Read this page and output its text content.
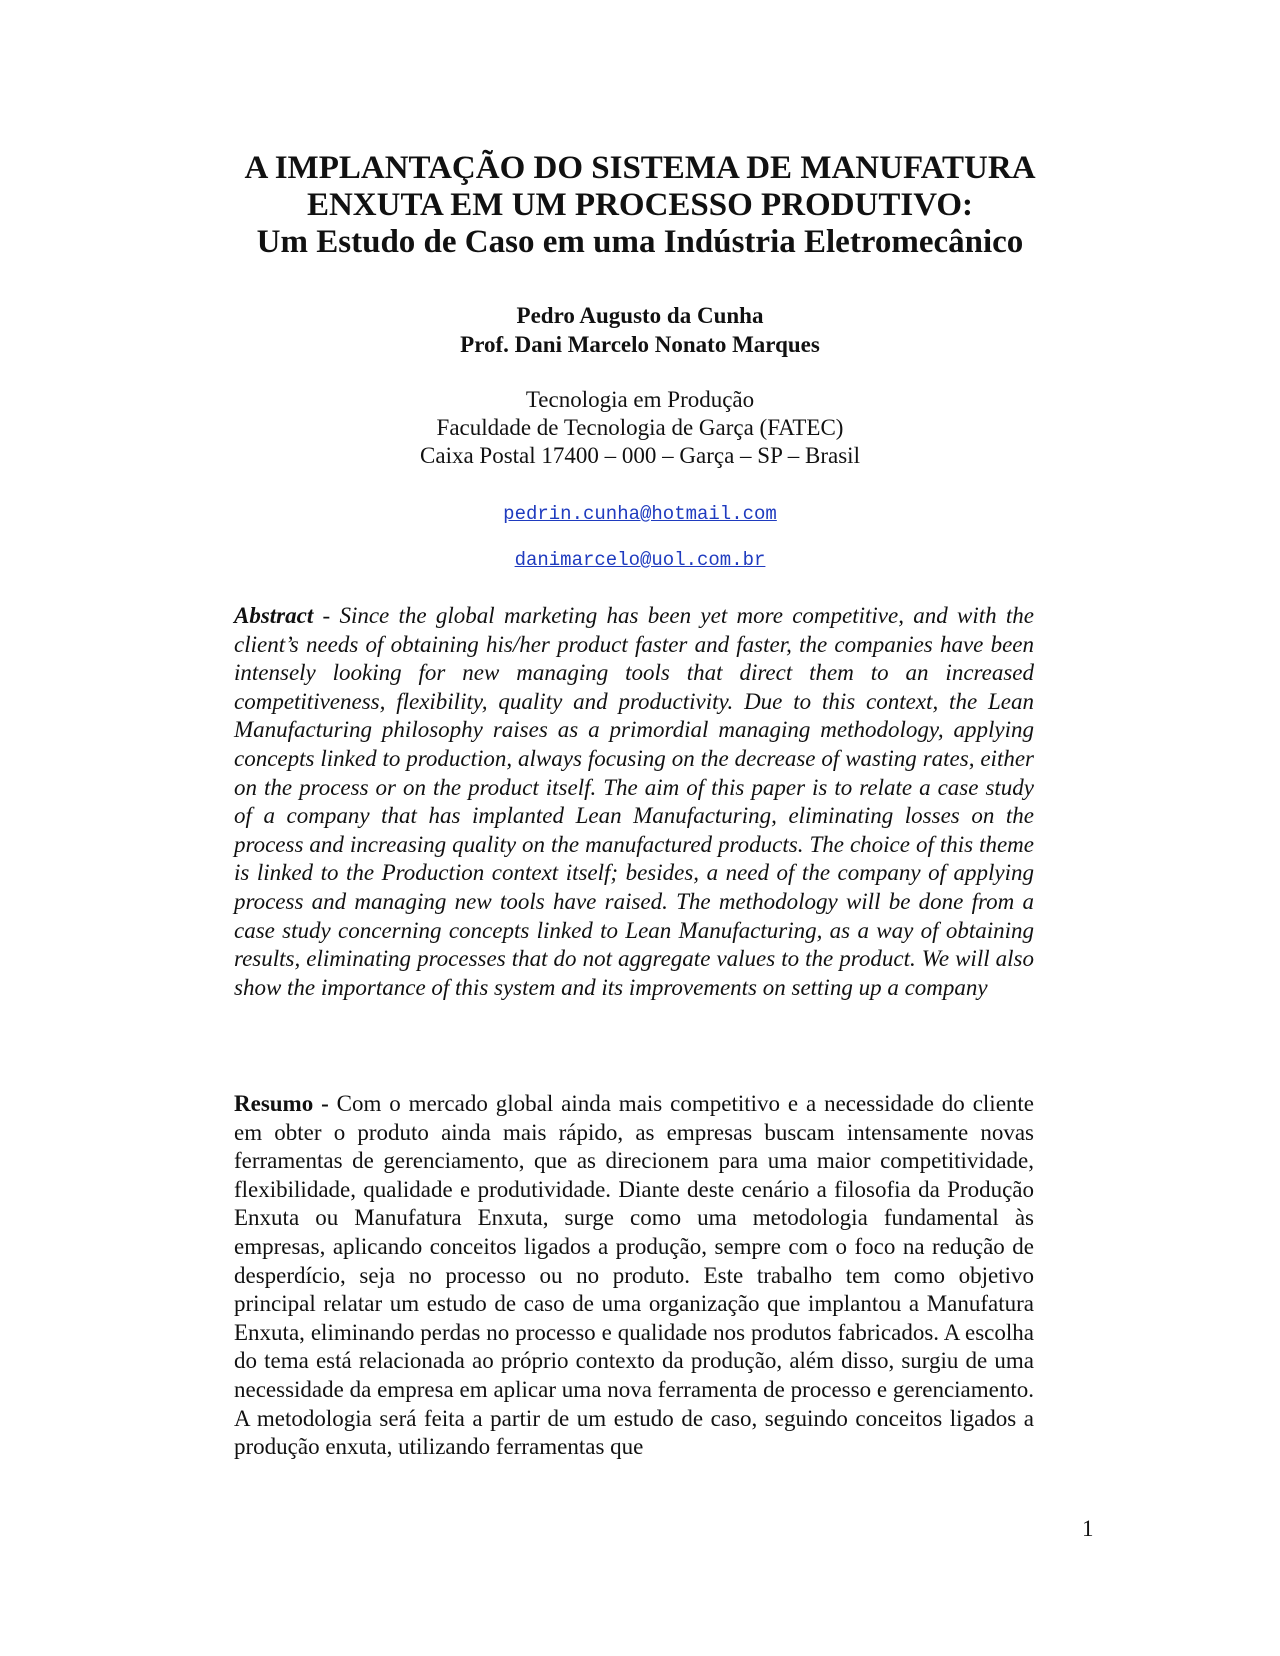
A IMPLANTAÇÃO DO SISTEMA DE MANUFATURA
ENXUTA EM UM PROCESSO PRODUTIVO:
Um Estudo de Caso em uma Indústria Eletromecânico
Pedro Augusto da Cunha
Prof. Dani Marcelo Nonato Marques
Tecnologia em Produção
Faculdade de Tecnologia de Garça (FATEC)
Caixa Postal 17400 – 000 – Garça – SP – Brasil
pedrin.cunha@hotmail.com
danimarcelo@uol.com.br

Abstract - Since the global marketing has been yet more competitive, and with the client’s needs of obtaining his/her product faster and faster, the companies have been intensely looking for new managing tools that direct them to an increased competitiveness, flexibility, quality and productivity. Due to this context, the Lean Manufacturing philosophy raises as a primordial managing methodology, applying concepts linked to production, always focusing on the decrease of wasting rates, either on the process or on the product itself. The aim of this paper is to relate a case study of a company that has implanted Lean Manufacturing, eliminating losses on the process and increasing quality on the manufactured products. The choice of this theme is linked to the Production context itself; besides, a need of the company of applying process and managing new tools have raised. The methodology will be done from a case study concerning concepts linked to Lean Manufacturing, as a way of obtaining results, eliminating processes that do not aggregate values to the product. We will also show the importance of this system and its improvements on setting up a company

Resumo - Com o mercado global ainda mais competitivo e a necessidade do cliente em obter o produto ainda mais rápido, as empresas buscam intensamente novas ferramentas de gerenciamento, que as direcionem para uma maior competitividade, flexibilidade, qualidade e produtividade. Diante deste cenário a filosofia da Produção Enxuta ou Manufatura Enxuta, surge como uma metodologia fundamental às empresas, aplicando conceitos ligados a produção, sempre com o foco na redução de desperdício, seja no processo ou no produto. Este trabalho tem como objetivo principal relatar um estudo de caso de uma organização que implantou a Manufatura Enxuta, eliminando perdas no processo e qualidade nos produtos fabricados. A escolha do tema está relacionada ao próprio contexto da produção, além disso, surgiu de uma necessidade da empresa em aplicar uma nova ferramenta de processo e gerenciamento. A metodologia será feita a partir de um estudo de caso, seguindo conceitos ligados a produção enxuta, utilizando ferramentas que

1
